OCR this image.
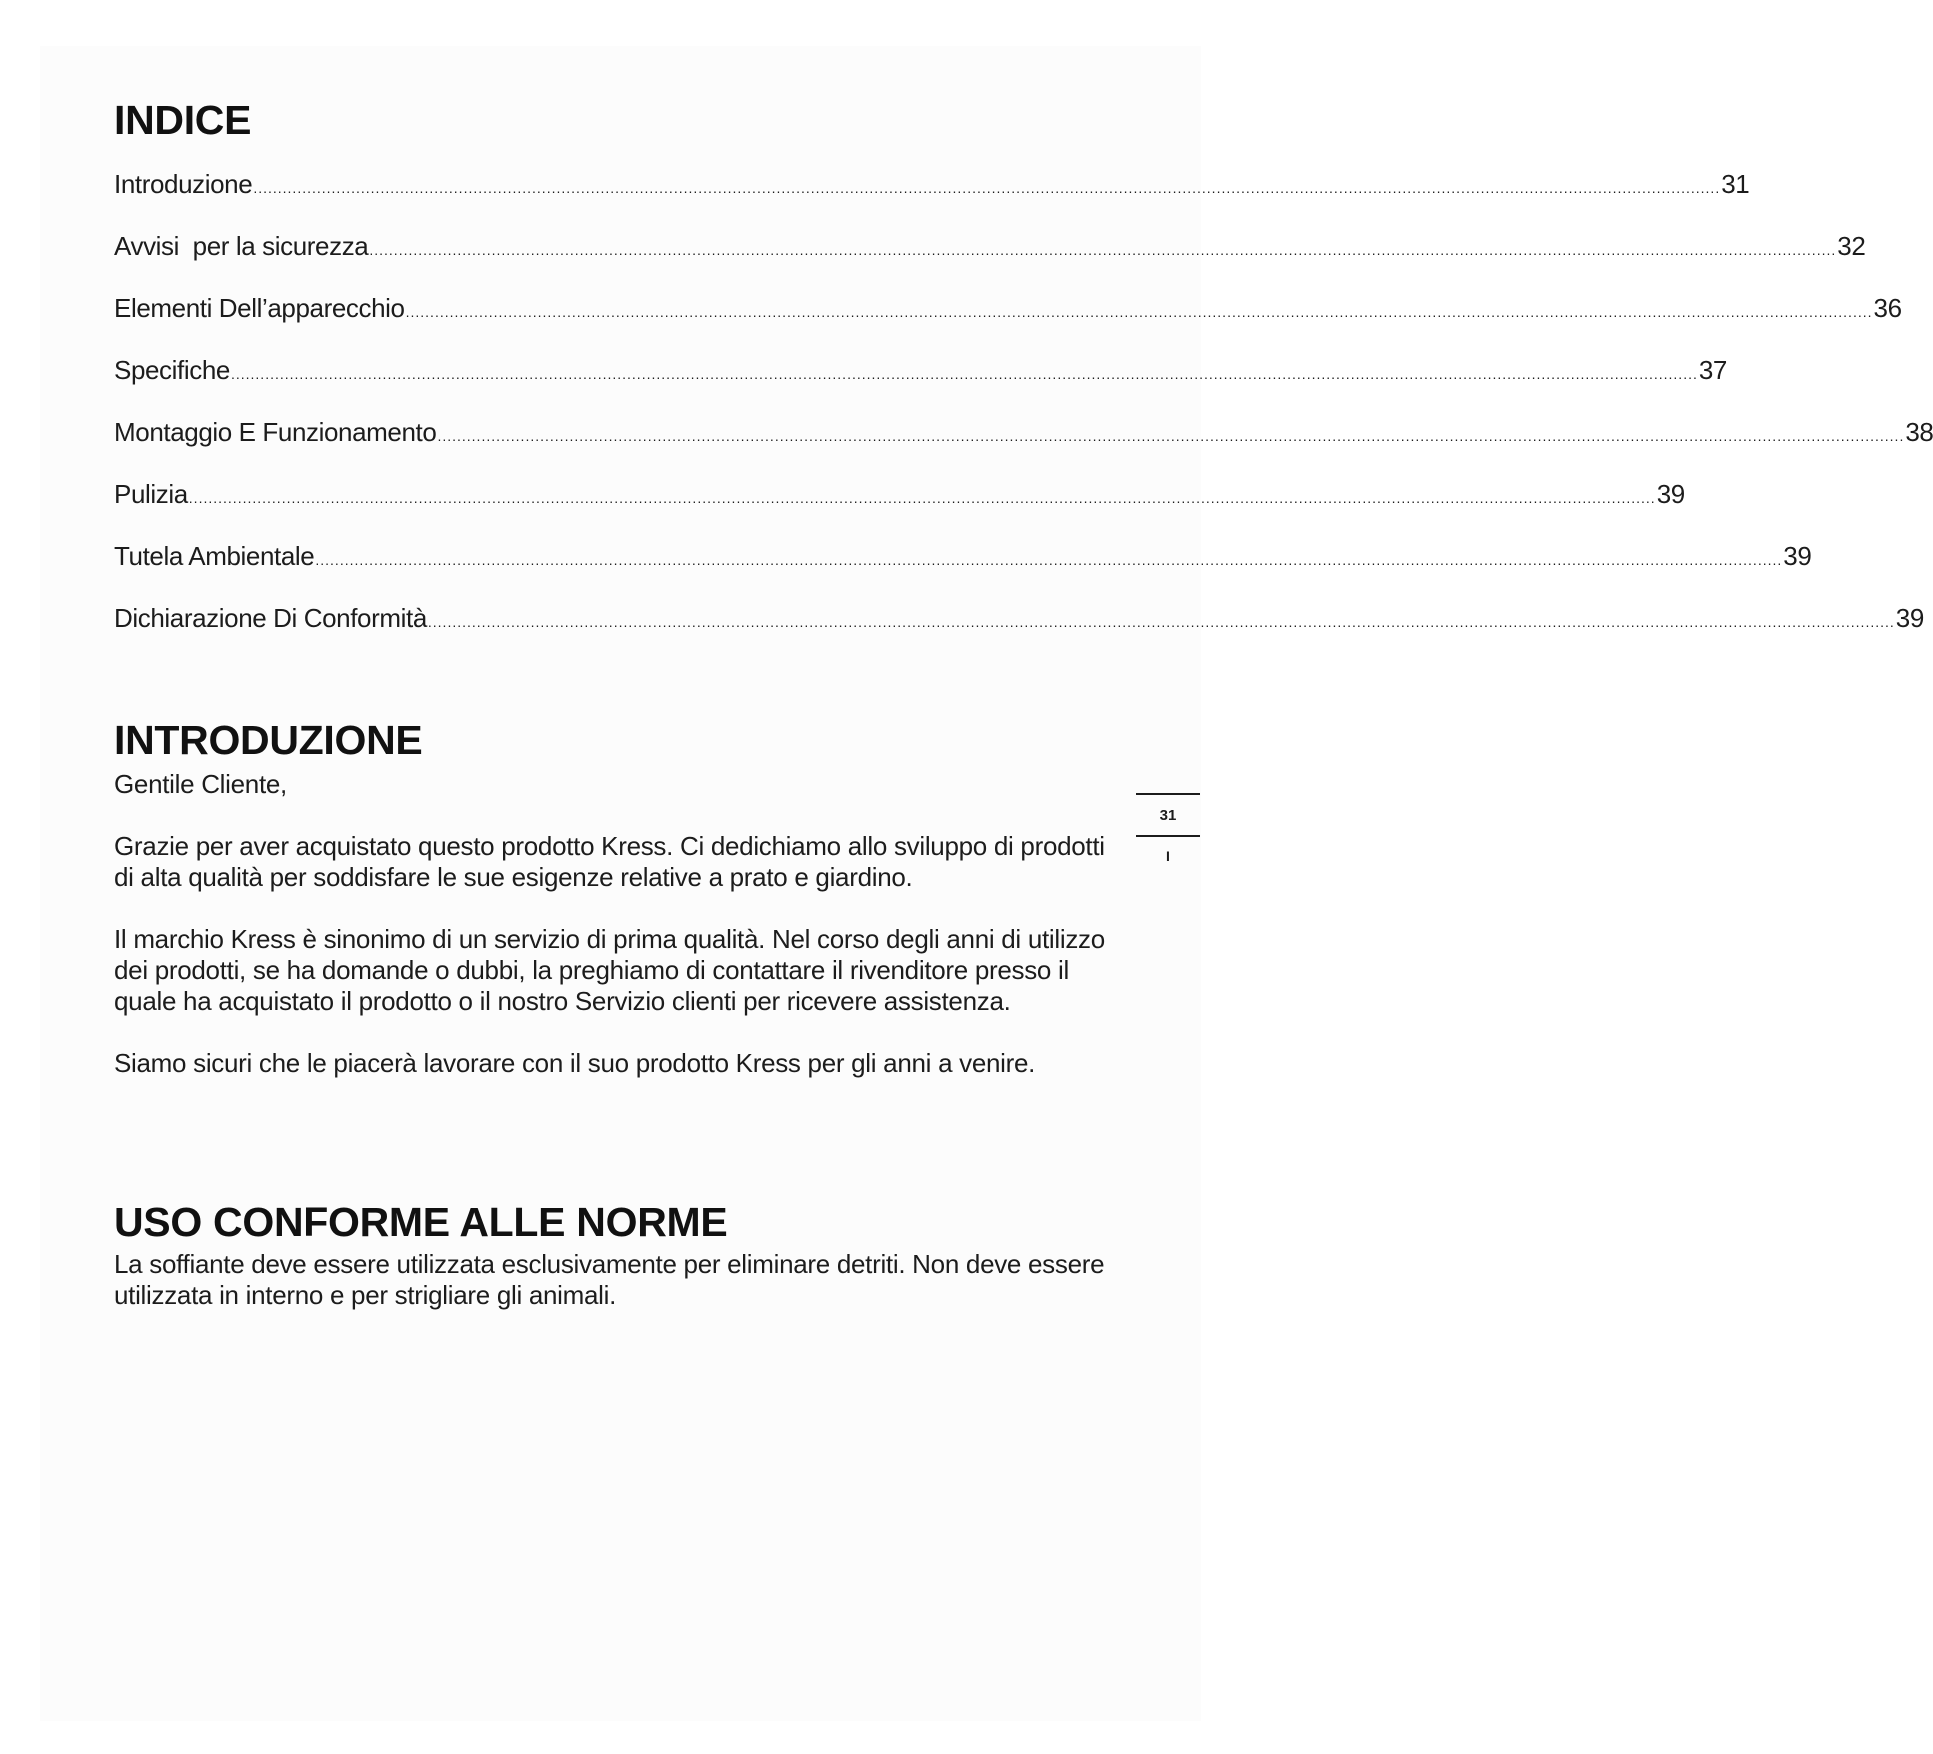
INDICE
Introduzione ............................................................................................................................................................................................................................................................................................................ 31
Avvisi  per la sicurezza ............................................................................................................................................................................................................................................................................................................ 32
Elementi Dell’apparecchio ............................................................................................................................................................................................................................................................................................................ 36
Specifiche ............................................................................................................................................................................................................................................................................................................ 37
Montaggio E Funzionamento ............................................................................................................................................................................................................................................................................................................ 38
Pulizia ............................................................................................................................................................................................................................................................................................................ 39
Tutela Ambientale ............................................................................................................................................................................................................................................................................................................ 39
Dichiarazione Di Conformità ............................................................................................................................................................................................................................................................................................................ 39
INTRODUZIONE

Gentile Cliente,

Grazie per aver acquistato questo prodotto Kress. Ci dedichiamo allo sviluppo di prodotti di alta qualità per soddisfare le sue esigenze relative a prato e giardino.

Il marchio Kress è sinonimo di un servizio di prima qualità. Nel corso degli anni di utilizzo dei prodotti, se ha domande o dubbi, la preghiamo di contattare il rivenditore presso il quale ha acquistato il prodotto o il nostro Servizio clienti per ricevere assistenza.

Siamo sicuri che le piacerà lavorare con il suo prodotto Kress per gli anni a venire.

USO CONFORME ALLE NORME

La soffiante deve essere utilizzata esclusivamente per eliminare detriti. Non deve essere utilizzata in interno e per strigliare gli animali.

31
I
